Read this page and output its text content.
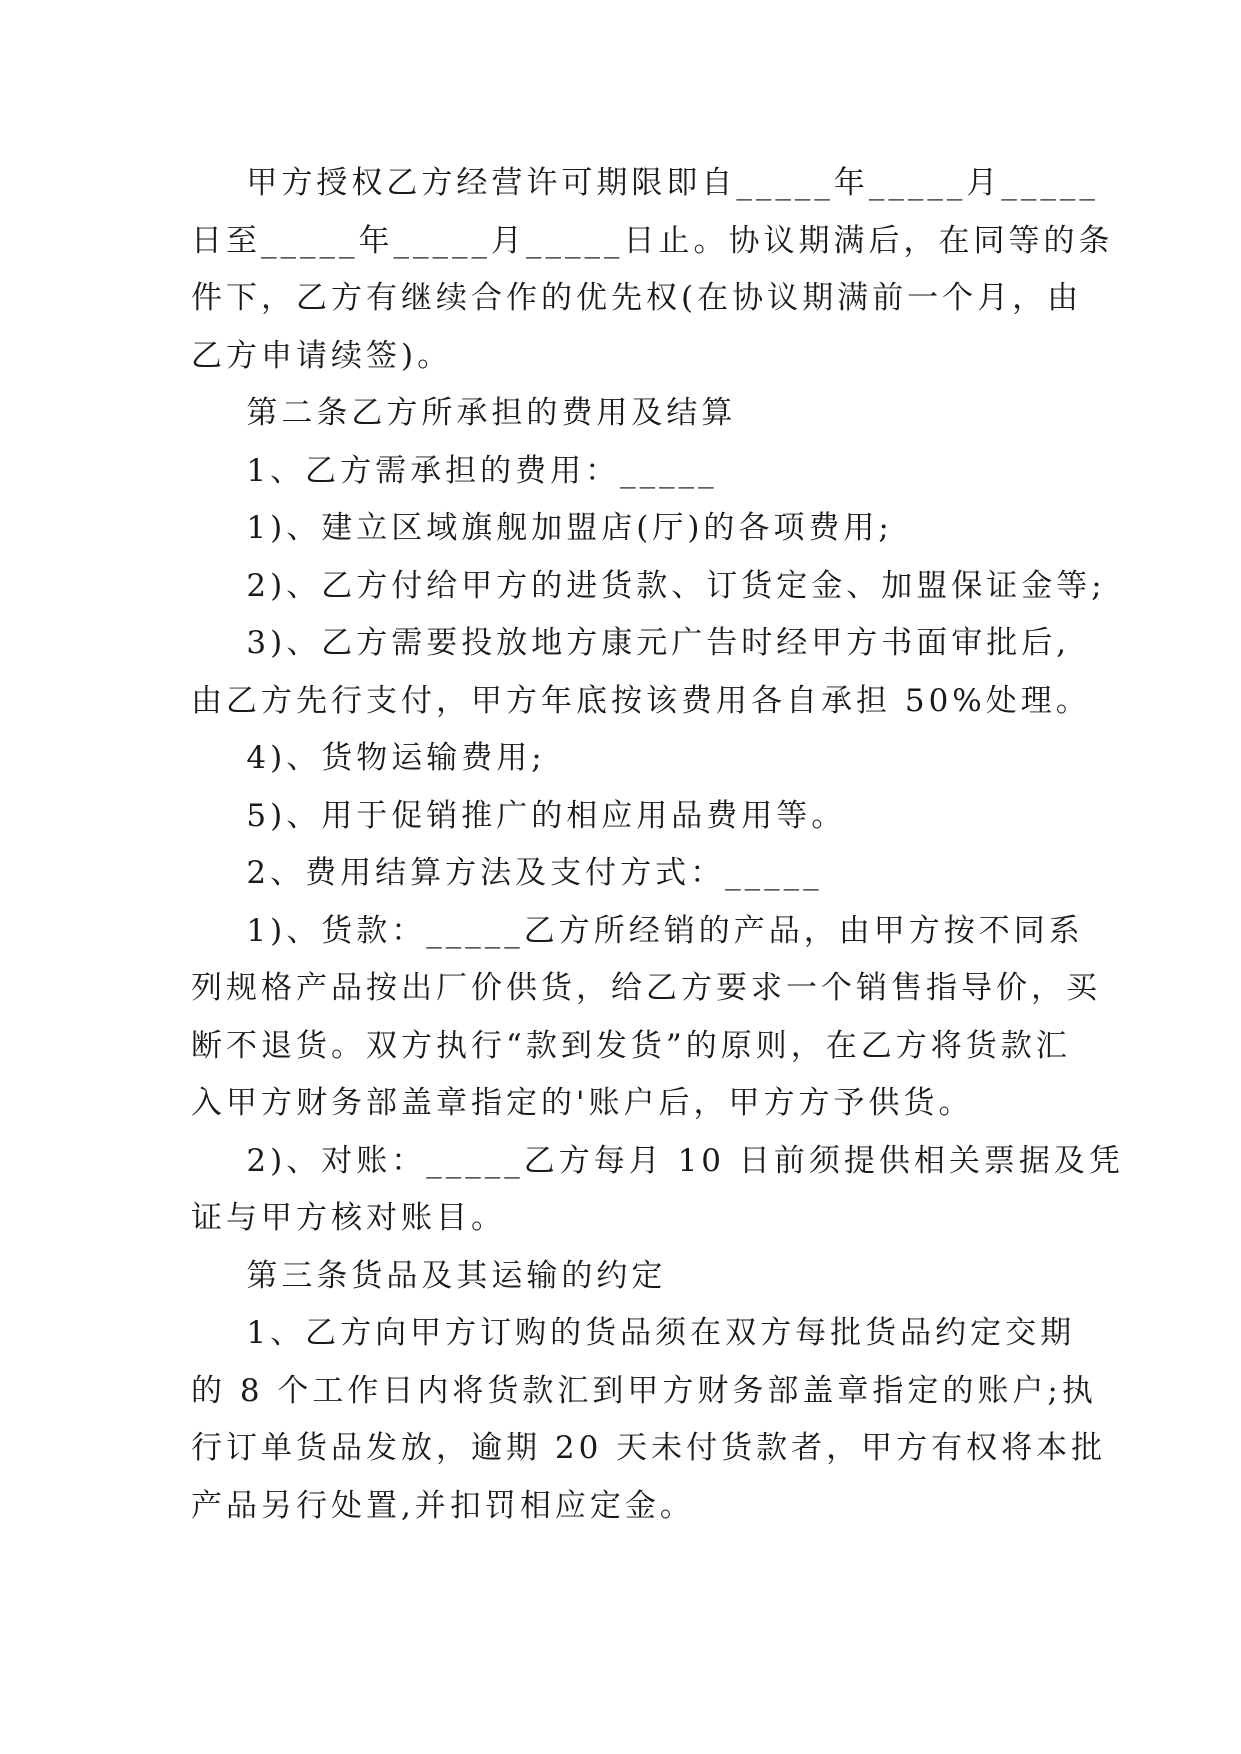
甲方授权乙方经营许可期限即自_____年_____月_____

日至_____年_____月_____日止。协议期满后，在同等的条

件下，乙方有继续合作的优先权(在协议期满前一个月，由

乙方申请续签)。

第二条乙方所承担的费用及结算

1、乙方需承担的费用：_____

1)、建立区域旗舰加盟店(厅)的各项费用;

2)、乙方付给甲方的进货款、订货定金、加盟保证金等;

3)、乙方需要投放地方康元广告时经甲方书面审批后,

由乙方先行支付，甲方年底按该费用各自承担 50%处理。

4)、货物运输费用;

5)、用于促销推广的相应用品费用等。

2、费用结算方法及支付方式：_____

1)、货款：_____乙方所经销的产品，由甲方按不同系

列规格产品按出厂价供货，给乙方要求一个销售指导价，买

断不退货。双方执行“款到发货”的原则，在乙方将货款汇

入甲方财务部盖章指定的'账户后，甲方方予供货。

2)、对账：_____乙方每月 10 日前须提供相关票据及凭

证与甲方核对账目。

第三条货品及其运输的约定

1、乙方向甲方订购的货品须在双方每批货品约定交期

的 8 个工作日内将货款汇到甲方财务部盖章指定的账户;执

行订单货品发放，逾期 20 天未付货款者，甲方有权将本批

产品另行处置,并扣罚相应定金。
